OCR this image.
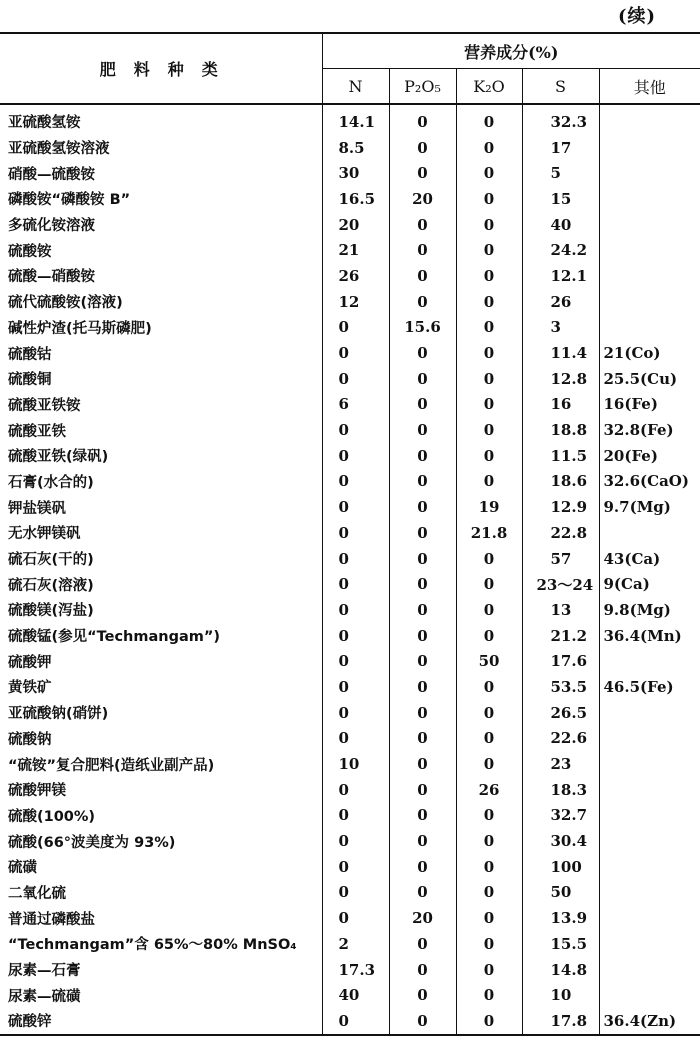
(续)
肥料种类	营养成分(%)				
	N	P₂O₅	K₂O	S	其他
亚硫酸氢铵	14.1	0	0	32.3	
亚硫酸氢铵溶液	8.5	0	0	17	
硝酸—硫酸铵	30	0	0	5	
磷酸铵“磷酸铵 B”	16.5	20	0	15	
多硫化铵溶液	20	0	0	40	
硫酸铵	21	0	0	24.2	
硫酸—硝酸铵	26	0	0	12.1	
硫代硫酸铵(溶液)	12	0	0	26	
碱性炉渣(托马斯磷肥)	0	15.6	0	3	
硫酸钴	0	0	0	11.4	21(Co)
硫酸铜	0	0	0	12.8	25.5(Cu)
硫酸亚铁铵	6	0	0	16	16(Fe)
硫酸亚铁	0	0	0	18.8	32.8(Fe)
硫酸亚铁(绿矾)	0	0	0	11.5	20(Fe)
石膏(水合的)	0	0	0	18.6	32.6(CaO)
钾盐镁矾	0	0	19	12.9	9.7(Mg)
无水钾镁矾	0	0	21.8	22.8	
硫石灰(干的)	0	0	0	57	43(Ca)
硫石灰(溶液)	0	0	0	23～24	9(Ca)
硫酸镁(泻盐)	0	0	0	13	9.8(Mg)
硫酸锰(参见“Techmangam”)	0	0	0	21.2	36.4(Mn)
硫酸钾	0	0	50	17.6	
黄铁矿	0	0	0	53.5	46.5(Fe)
亚硫酸钠(硝饼)	0	0	0	26.5	
硫酸钠	0	0	0	22.6	
“硫铵”复合肥料(造纸业副产品)	10	0	0	23	
硫酸钾镁	0	0	26	18.3	
硫酸(100%)	0	0	0	32.7	
硫酸(66°波美度为 93%)	0	0	0	30.4	
硫磺	0	0	0	100	
二氧化硫	0	0	0	50	
普通过磷酸盐	0	20	0	13.9	
“Techmangam”含 65%～80% MnSO₄	2	0	0	15.5	
尿素—石膏	17.3	0	0	14.8	
尿素—硫磺	40	0	0	10	
硫酸锌	0	0	0	17.8	36.4(Zn)
